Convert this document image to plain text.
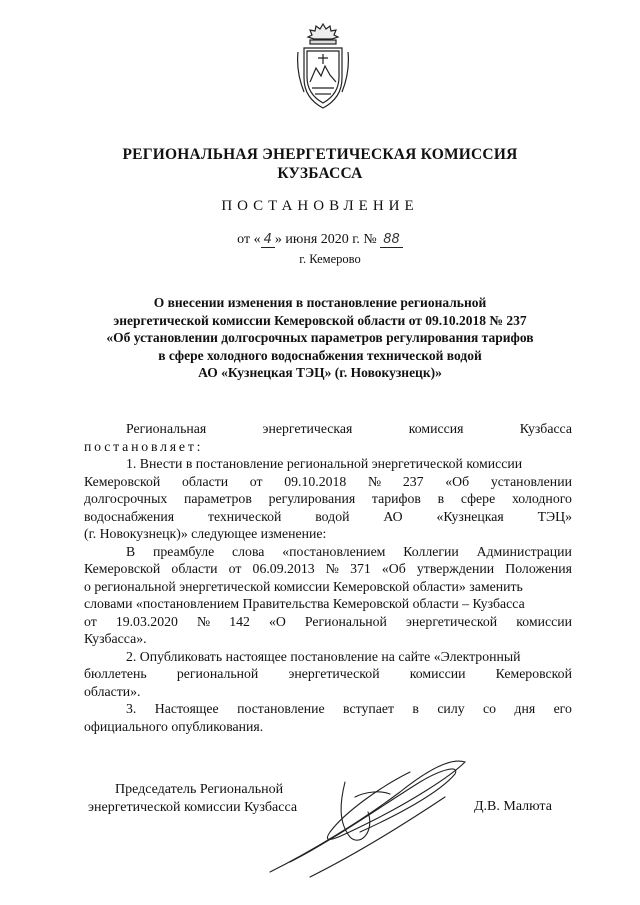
РЕГИОНАЛЬНАЯ ЭНЕРГЕТИЧЕСКАЯ КОМИССИЯ
КУЗБАССА
ПОСТАНОВЛЕНИЕ
от « 4 » июня 2020 г. № 88
г. Кемерово
О внесении изменения в постановление региональной
энергетической комиссии Кемеровской области от 09.10.2018 № 237
«Об установлении долгосрочных параметров регулирования тарифов
в сфере холодного водоснабжения технической водой
АО «Кузнецкая ТЭЦ» (г. Новокузнецк)»
Региональная	энергетическая	комиссия	Кузбасса
постановляет:
1. Внести в постановление региональной энергетической комиссии
Кемеровской области от 09.10.2018 № 237 «Об установлении
долгосрочных параметров регулирования тарифов в сфере холодного
водоснабжения технической водой АО «Кузнецкая ТЭЦ»
(г. Новокузнецк)» следующее изменение:
В преамбуле слова «постановлением Коллегии Администрации
Кемеровской области от 06.09.2013 № 371 «Об утверждении Положения
о региональной энергетической комиссии Кемеровской области» заменить
словами «постановлением Правительства Кемеровской области – Кузбасса
от 19.03.2020 № 142 «О Региональной энергетической комиссии
Кузбасса».
2. Опубликовать настоящее постановление на сайте «Электронный
бюллетень региональной энергетической комиссии Кемеровской
области».
3. Настоящее постановление вступает в силу со дня его
официального опубликования.
Председатель Региональной
энергетической комиссии Кузбасса	Д.В. Малюта
